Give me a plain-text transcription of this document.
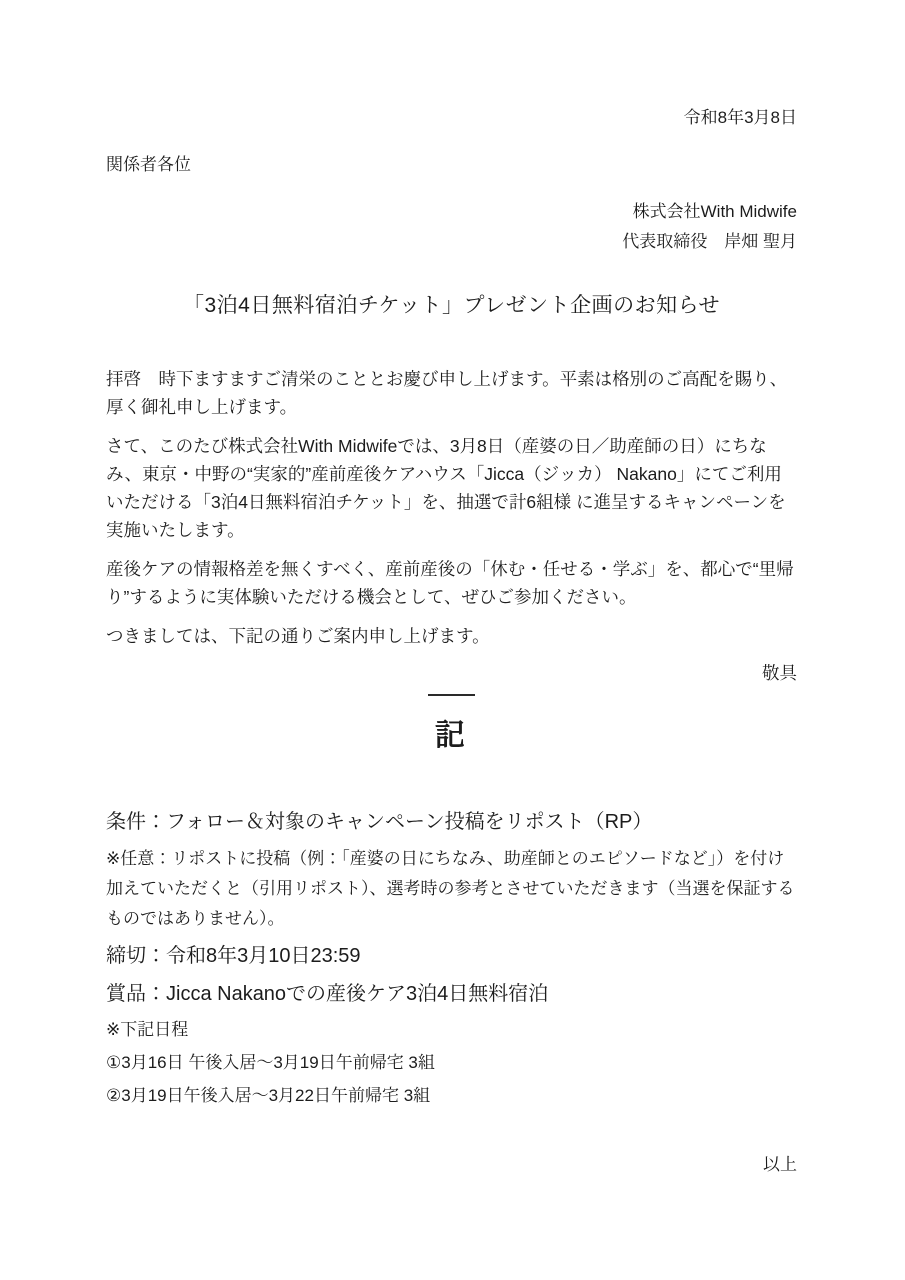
令和8年3月8日
関係者各位
株式会社With Midwife
代表取締役　岸畑 聖月
「3泊4日無料宿泊チケット」プレゼント企画のお知らせ

拝啓　時下ますますご清栄のこととお慶び申し上げます。平素は格別のご高配を賜り、厚く御礼申し上げます。

さて、このたび株式会社With Midwifeでは、3月8日（産婆の日／助産師の日）にちなみ、東京・中野の“実家的”産前産後ケアハウス「Jicca（ジッカ） Nakano」にてご利用いただける「3泊4日無料宿泊チケット」を、抽選で計6組様 に進呈するキャンペーンを実施いたします。

産後ケアの情報格差を無くすべく、産前産後の「休む・任せる・学ぶ」を、都心で“里帰り”するように実体験いただける機会として、ぜひご参加ください。

つきましては、下記の通りご案内申し上げます。

敬具
記
条件：フォロー＆対象のキャンペーン投稿をリポスト（RP）

※任意：リポストに投稿（例：「産婆の日にちなみ、助産師とのエピソードなど」）を付け加えていただくと（引用リポスト）、選考時の参考とさせていただきます（当選を保証するものではありません）。

締切：令和8年3月10日23:59
賞品：Jicca Nakanoでの産後ケア3泊4日無料宿泊
※下記日程
①3月16日 午後入居～3月19日午前帰宅 3組
②3月19日午後入居～3月22日午前帰宅 3組
以上
